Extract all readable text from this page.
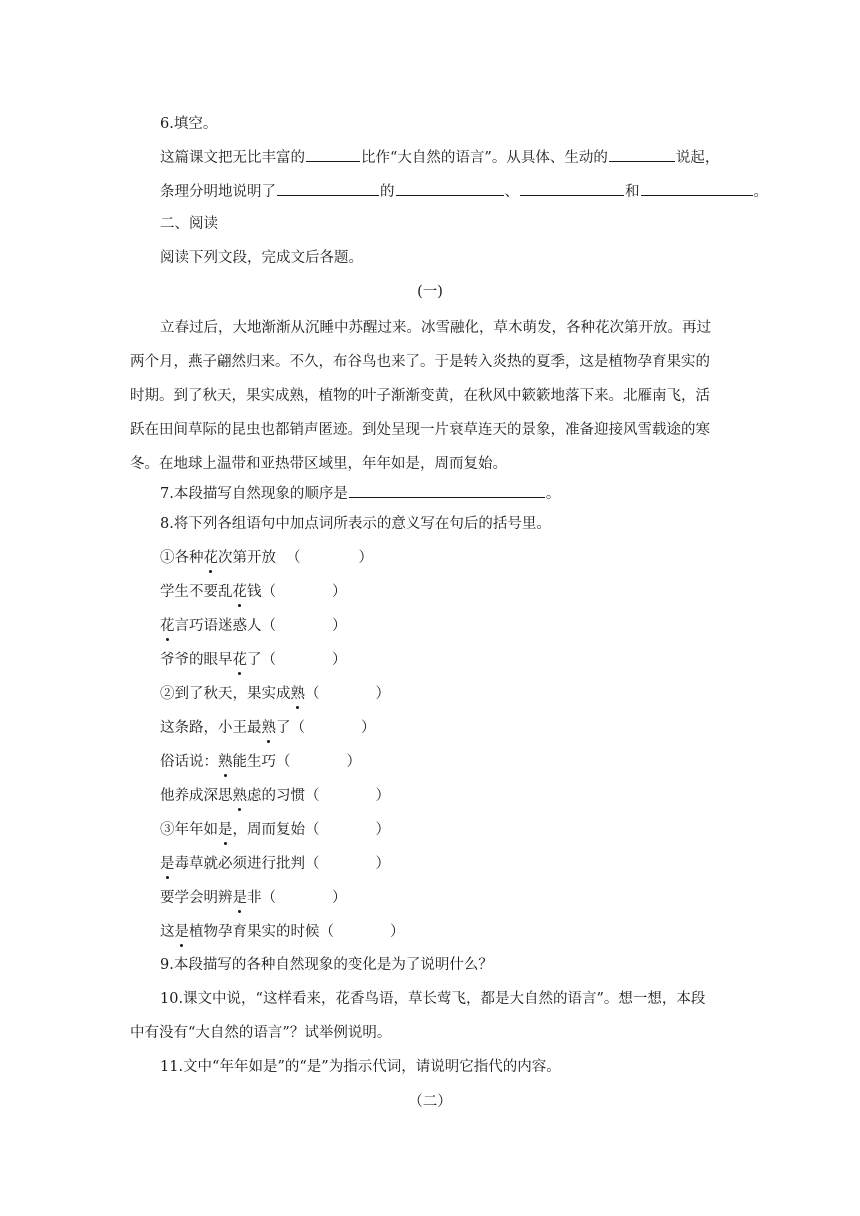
6.填空。
这篇课文把无比丰富的	比作“大自然的语言”。从具体、生动的	说起，
条理分明地说明了	的	、	和	。
二、阅读
阅读下列文段，完成文后各题。
(一)
立春过后，大地渐渐从沉睡中苏醒过来。冰雪融化，草木萌发，各种花次第开放。再过
两个月，燕子翩然归来。不久，布谷鸟也来了。于是转入炎热的夏季，这是植物孕育果实的
时期。到了秋天，果实成熟，植物的叶子渐渐变黄，在秋风中簌簌地落下来。北雁南飞，活
跃在田间草际的昆虫也都销声匿迹。到处呈现一片衰草连天的景象，准备迎接风雪载途的寒
冬。在地球上温带和亚热带区域里，年年如是，周而复始。
7.本段描写自然现象的顺序是	。
8.将下列各组语句中加点词所表示的意义写在句后的括号里。
①各种花次第开放 （	）
学生不要乱花钱（	）
花言巧语迷惑人（	）
爷爷的眼早花了（	）
②到了秋天，果实成熟（	）
这条路，小王最熟了（	）
俗话说：熟能生巧（	）
他养成深思熟虑的习惯（	）
③年年如是，周而复始（	）
是毒草就必须进行批判（	）
要学会明辨是非（	）
这是植物孕育果实的时候（	）
9.本段描写的各种自然现象的变化是为了说明什么？
10.课文中说，“这样看来，花香鸟语，草长莺飞，都是大自然的语言”。想一想，本段
中有没有“大自然的语言”？试举例说明。
11.文中“年年如是”的“是”为指示代词，请说明它指代的内容。
（二）
